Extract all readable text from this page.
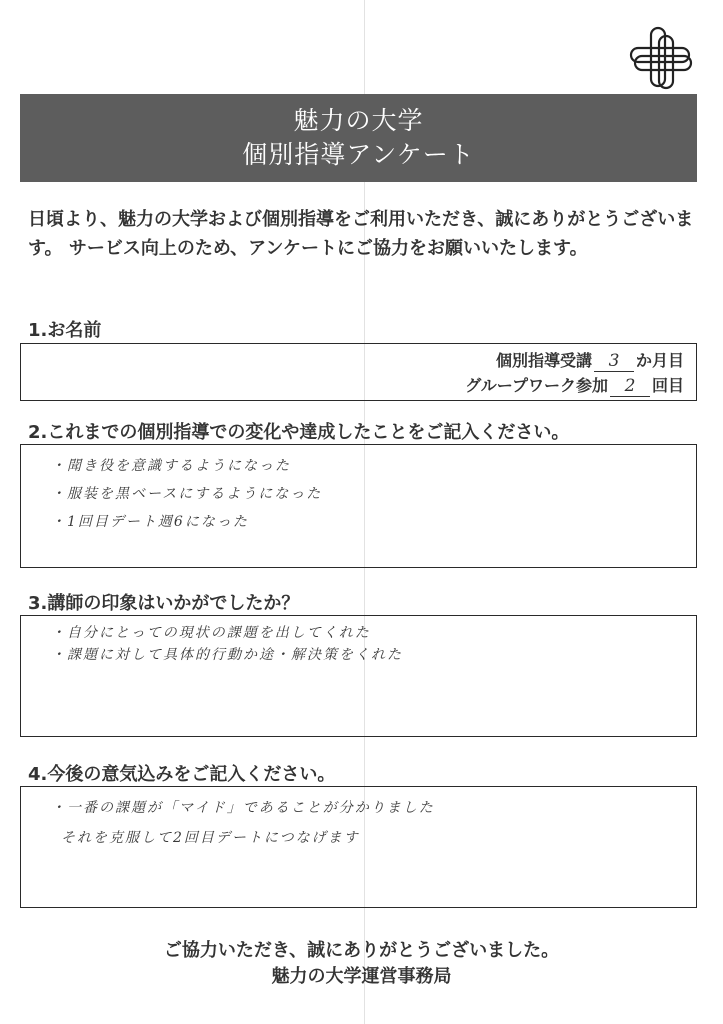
魅力の大学
個別指導アンケート
日頃より、魅力の大学および個別指導をご利用いただき、誠にありがとうございます。 サービス向上のため、アンケートにご協力をお願いいたします。
1.お名前
個別指導受講 3 か月目
グループワーク参加 2 回目
2.これまでの個別指導での変化や達成したことをご記入ください。
・聞き役を意識するようになった
・服装を黒ベースにするようになった
・1回目デート週6になった
3.講師の印象はいかがでしたか？
・自分にとっての現状の課題を出してくれた
・課題に対して具体的行動か途・解決策をくれた
4.今後の意気込みをご記入ください。
・一番の課題が「マイド」であることが分かりました
それを克服して2回目デートにつなげます
ご協力いただき、誠にありがとうございました。
魅力の大学運営事務局
